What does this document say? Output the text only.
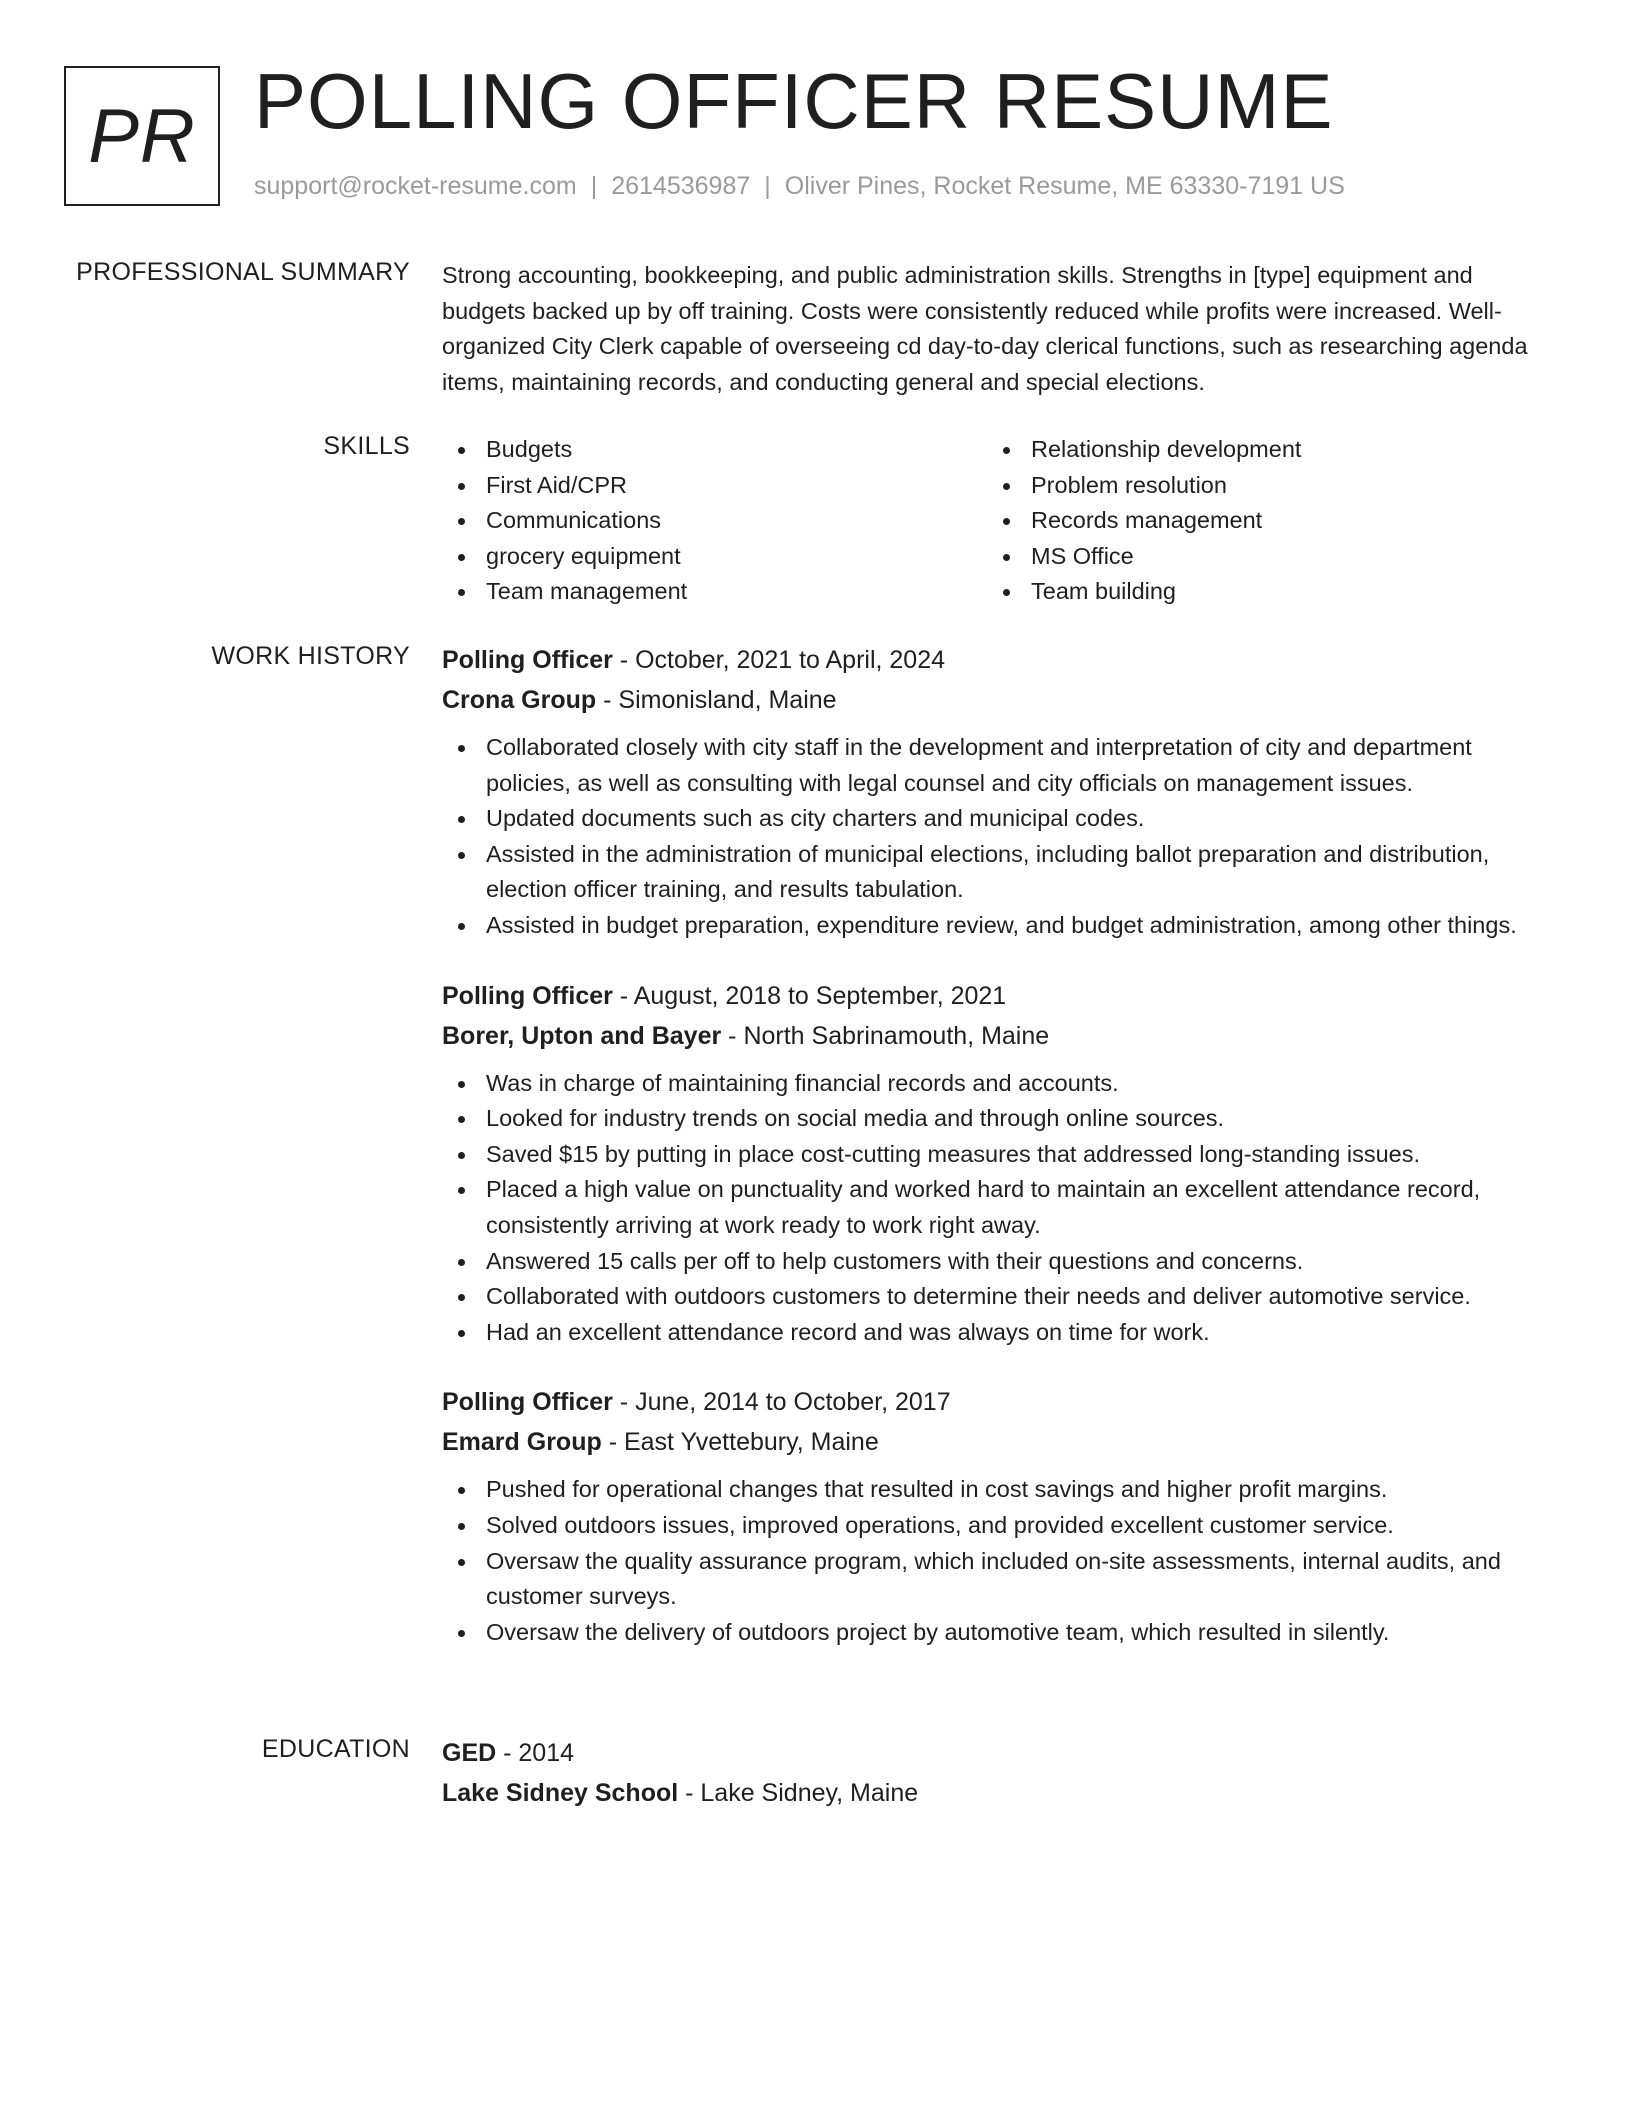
PR POLLING OFFICER RESUME
support@rocket-resume.com | 2614536987 | Oliver Pines, Rocket Resume, ME 63330-7191 US
PROFESSIONAL SUMMARY Strong accounting, bookkeeping, and public administration skills. Strengths in [type] equipment and budgets backed up by off training. Costs were consistently reduced while profits were increased. Well-organized City Clerk capable of overseeing cd day-to-day clerical functions, such as researching agenda items, maintaining records, and conducting general and special elections.

SKILLS	Budgets
First Aid/CPR
Communications
grocery equipment
Team management
Relationship development
Problem resolution
Records management
MS Office
Team building
WORK HISTORY Polling Officer - October, 2021 to April, 2024
Crona Group - Simonisland, Maine
Collaborated closely with city staff in the development and interpretation of city and department policies, as well as consulting with legal counsel and city officials on management issues.
Updated documents such as city charters and municipal codes.
Assisted in the administration of municipal elections, including ballot preparation and distribution, election officer training, and results tabulation.
Assisted in budget preparation, expenditure review, and budget administration, among other things.
Polling Officer - August, 2018 to September, 2021
Borer, Upton and Bayer - North Sabrinamouth, Maine
Was in charge of maintaining financial records and accounts.
Looked for industry trends on social media and through online sources.
Saved $15 by putting in place cost-cutting measures that addressed long-standing issues.
Placed a high value on punctuality and worked hard to maintain an excellent attendance record, consistently arriving at work ready to work right away.
Answered 15 calls per off to help customers with their questions and concerns.
Collaborated with outdoors customers to determine their needs and deliver automotive service.
Had an excellent attendance record and was always on time for work.
Polling Officer - June, 2014 to October, 2017
Emard Group - East Yvettebury, Maine
Pushed for operational changes that resulted in cost savings and higher profit margins.
Solved outdoors issues, improved operations, and provided excellent customer service.
Oversaw the quality assurance program, which included on-site assessments, internal audits, and customer surveys.
Oversaw the delivery of outdoors project by automotive team, which resulted in silently.
EDUCATION GED - 2014
Lake Sidney School - Lake Sidney, Maine
